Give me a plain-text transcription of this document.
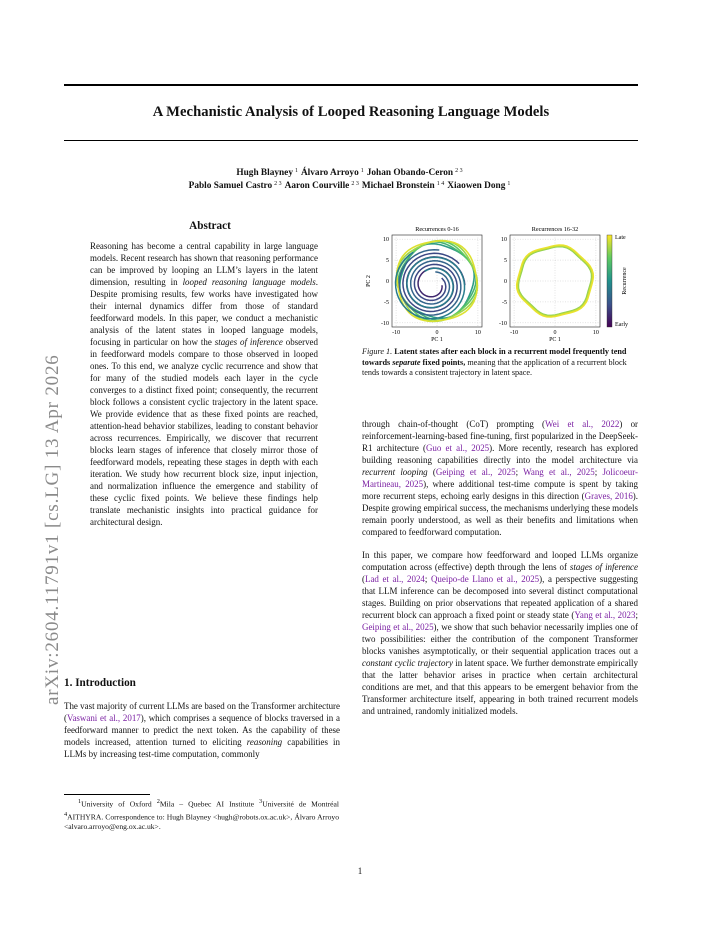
arXiv:2604.11791v1 [cs.LG] 13 Apr 2026
A Mechanistic Analysis of Looped Reasoning Language Models
Hugh Blayney $^1$ Álvaro Arroyo $^1$ Johan Obando-Ceron $^{2 3}$
Pablo Samuel Castro $^{2 3}$ Aaron Courville $^{2 3}$ Michael Bronstein $^{1 4}$ Xiaowen Dong $^1$
Abstract
Reasoning has become a central capability in large language models. Recent research has shown that reasoning performance can be improved by looping an LLM’s layers in the latent dimension, resulting in looped reasoning language models. Despite promising results, few works have investigated how their internal dynamics differ from those of standard feedforward models. In this paper, we conduct a mechanistic analysis of the latent states in looped language models, focusing in particular on how the stages of inference observed in feedforward models compare to those observed in looped ones. To this end, we analyze cyclic recurrence and show that for many of the studied models each layer in the cycle converges to a distinct fixed point; consequently, the recurrent block follows a consistent cyclic trajectory in the latent space. We provide evidence that as these fixed points are reached, attention-head behavior stabilizes, leading to constant behavior across recurrences. Empirically, we discover that recurrent blocks learn stages of inference that closely mirror those of feedforward models, repeating these stages in depth with each iteration. We study how recurrent block size, input injection, and normalization influence the emergence and stability of these cyclic fixed points. We believe these findings help translate mechanistic insights into practical guidance for architectural design.
1. Introduction
The vast majority of current LLMs are based on the Transformer architecture (Vaswani et al., 2017), which comprises a sequence of blocks traversed in a feedforward manner to predict the next token. As the capability of these models increased, attention turned to eliciting reasoning capabilities in LLMs by increasing test-time computation, commonly

$^1$University of Oxford $^2$Mila – Quebec AI Institute $^3$Université de Montréal $^4$AITHYRA. Correspondence to: Hugh Blayney <hugh@robots.ox.ac.uk>, Álvaro Arroyo <alvaro.arroyo@eng.ox.ac.uk>.

through chain-of-thought (CoT) prompting (Wei et al., 2022) or reinforcement-learning-based fine-tuning, first popularized in the DeepSeek-R1 architecture (Guo et al., 2025). More recently, research has explored building reasoning capabilities directly into the model architecture via recurrent looping (Geiping et al., 2025; Wang et al., 2025; Jolicoeur-Martineau, 2025), where additional test-time compute is spent by taking more recurrent steps, echoing early designs in this direction (Graves, 2016). Despite growing empirical success, the mechanisms underlying these models remain poorly understood, as well as their benefits and limitations when compared to feedforward computation.

In this paper, we compare how feedforward and looped LLMs organize computation across (effective) depth through the lens of stages of inference (Lad et al., 2024; Queipo-de Llano et al., 2025), a perspective suggesting that LLM inference can be decomposed into several distinct computational stages. Building on prior observations that repeated application of a shared recurrent block can approach a fixed point or steady state (Yang et al., 2023; Geiping et al., 2025), we show that such behavior necessarily implies one of two possibilities: either the contribution of the component Transformer blocks vanishes asymptotically, or their sequential application traces out a constant cyclic trajectory in latent space. We further demonstrate empirically that the latter behavior arises in practice when certain architectural conditions are met, and that this appears to be emergent behavior from the Transformer architecture itself, appearing in both trained recurrent models and untrained, randomly initialized models.

Recurrences 0-16
-10	0	10
10
5
0
-5
-10
PC 1
PC 2
Recurrences 16-32
-10	0	10
10
5
0
-5
-10
PC 1
Late
Early
Recurrence
Figure 1. Latent states after each block in a recurrent model frequently tend towards separate fixed points, meaning that the application of a recurrent block tends towards a consistent trajectory in latent space.
1
